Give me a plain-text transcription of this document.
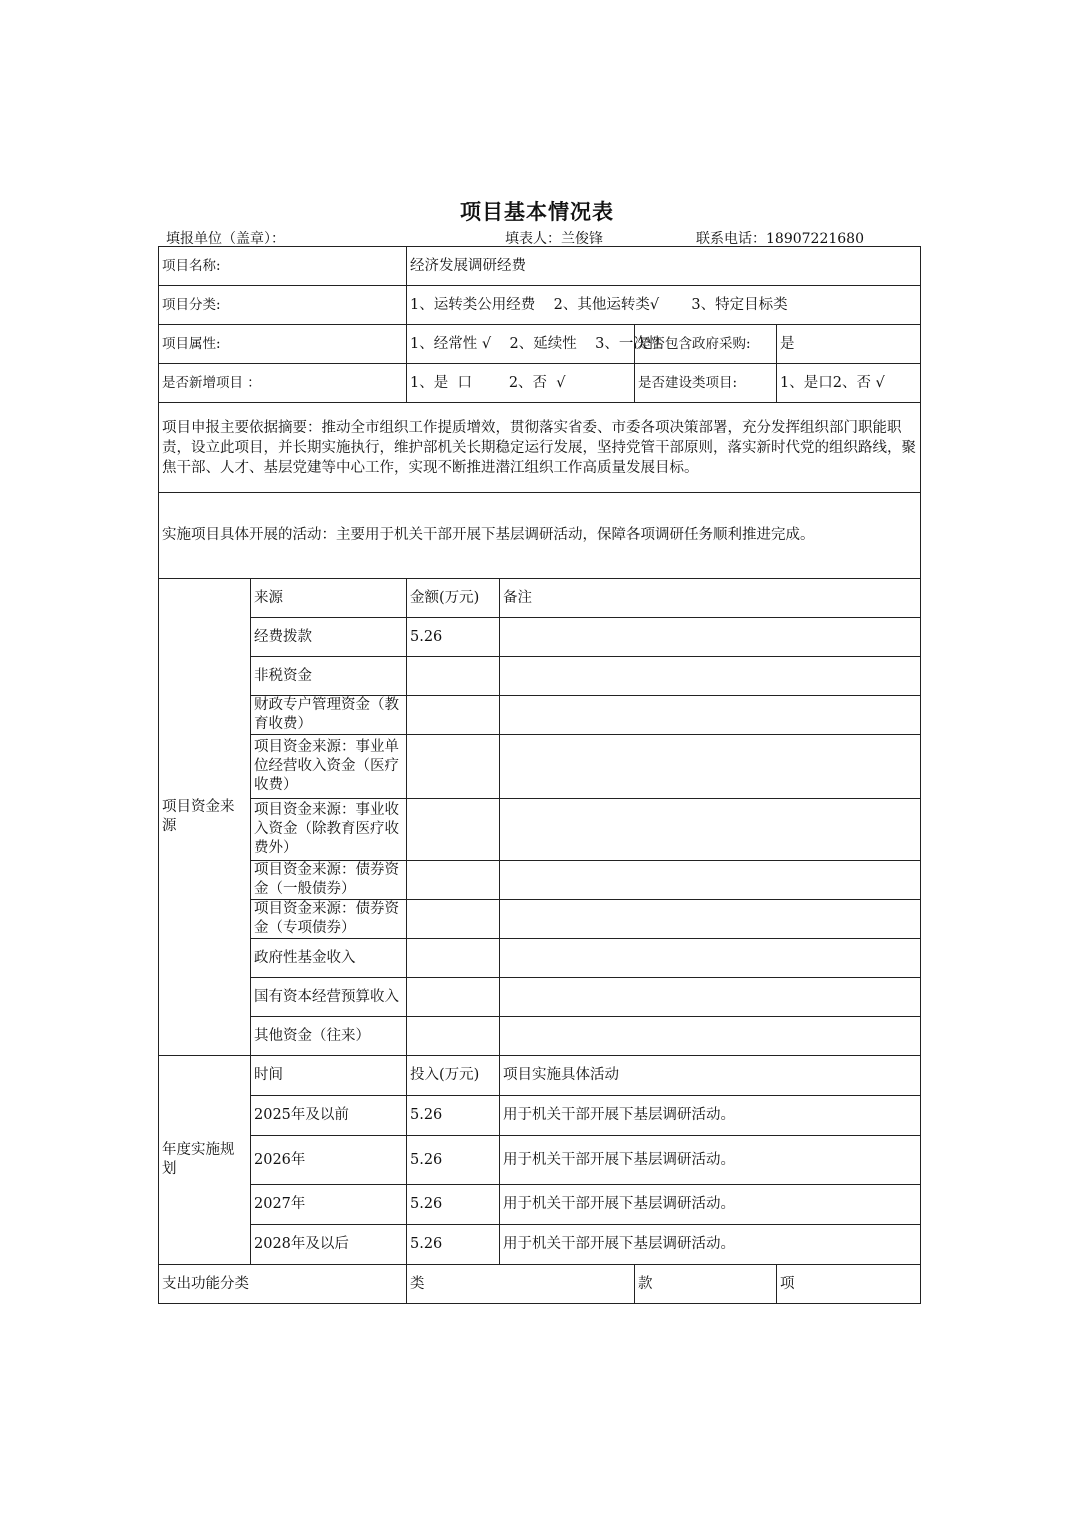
项目基本情况表
填报单位（盖章）：	填表人：兰俊锋	联系电话：18907221680
项目名称:		经济发展调研经费			
项目分类:		1、运转类公用经费    2、其他运转类√       3、特定目标类			
项目属性:		1、经常性 √    2、延续性    3、一次性		是否包含政府采购:	是
是否新增项目 ：		1、是  口        2、否  √		是否建设类项目:	1、是口2、否 √
项目申报主要依据摘要：推动全市组织工作提质增效，贯彻落实省委、市委各项决策部署，充分发挥组织部门职能职责，设立此项目，并长期实施执行，维护部机关长期稳定运行发展，坚持党管干部原则，落实新时代党的组织路线，聚焦干部、人才、基层党建等中心工作，实现不断推进潜江组织工作高质量发展目标。					
实施项目具体开展的活动：主要用于机关干部开展下基层调研活动，保障各项调研任务顺利推进完成。					
项目资金来源	来源	金额(万元)	备注		
	经费拨款	5.26			
	非税资金				
	财政专户管理资金（教育收费）				
	项目资金来源：事业单位经营收入资金（医疗收费）				
	项目资金来源：事业收入资金（除教育医疗收费外）				
	项目资金来源：债券资金（一般债券）				
	项目资金来源：债券资金（专项债券）				
	政府性基金收入				
	国有资本经营预算收入				
	其他资金（往来）				
年度实施规划	时间	投入(万元)	项目实施具体活动		
	2025年及以前	5.26	用于机关干部开展下基层调研活动。		
	2026年	5.26	用于机关干部开展下基层调研活动。		
	2027年	5.26	用于机关干部开展下基层调研活动。		
	2028年及以后	5.26	用于机关干部开展下基层调研活动。		
支出功能分类		类		款	项
